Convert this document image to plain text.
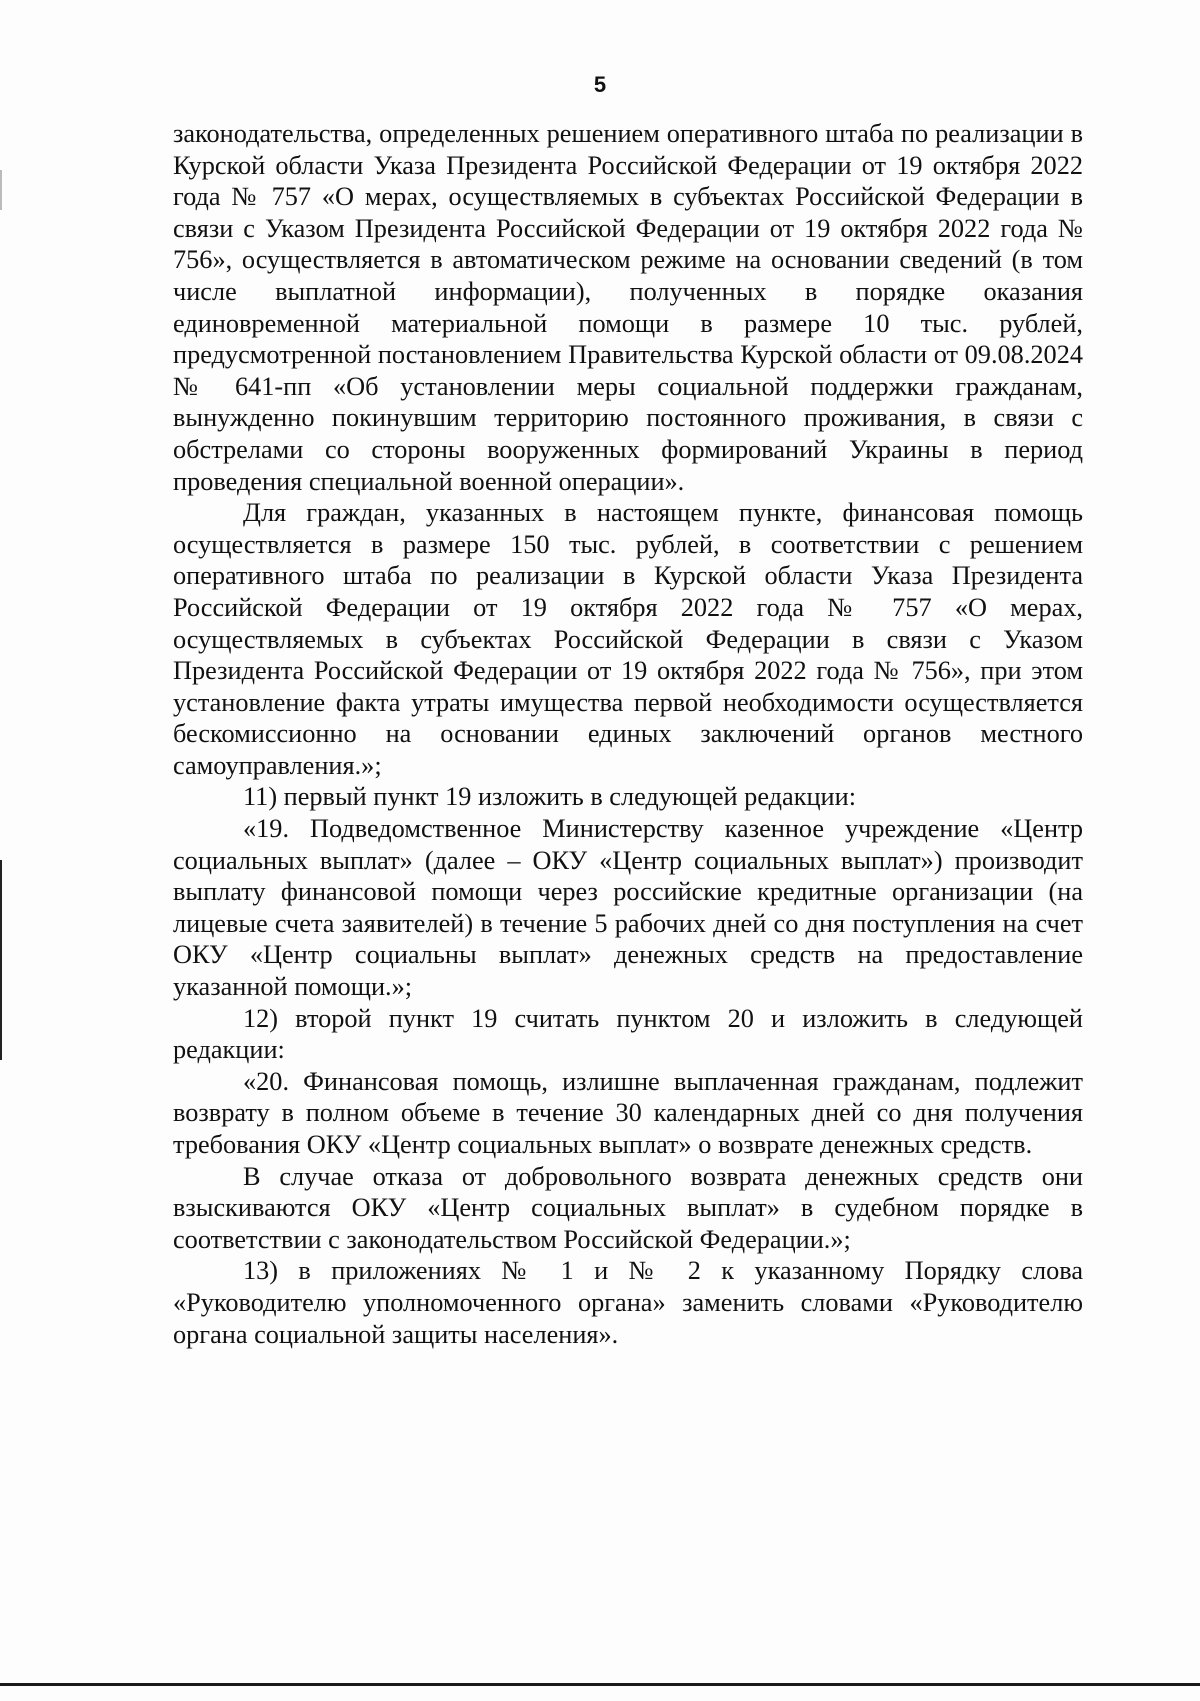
5

законодательства, определенных решением оперативного штаба по реализации в Курской области Указа Президента Российской Федерации от 19 октября 2022 года № 757 «О мерах, осуществляемых в субъектах Российской Федерации в связи с Указом Президента Российской Федерации от 19 октября 2022 года № 756», осуществляется в автоматическом режиме на основании сведений (в том числе выплатной информации), полученных в порядке оказания единовременной материальной помощи в размере 10 тыс. рублей, предусмотренной постановлением Правительства Курской области от 09.08.2024 № 641-пп «Об установлении меры социальной поддержки гражданам, вынужденно покинувшим территорию постоянного проживания, в связи с обстрелами со стороны вооруженных формирований Украины в период проведения специальной военной операции».

Для граждан, указанных в настоящем пункте, финансовая помощь осуществляется в размере 150 тыс. рублей, в соответствии с решением оперативного штаба по реализации в Курской области Указа Президента Российской Федерации от 19 октября 2022 года № 757 «О мерах, осуществляемых в субъектах Российской Федерации в связи с Указом Президента Российской Федерации от 19 октября 2022 года № 756», при этом установление факта утраты имущества первой необходимости осуществляется бескомиссионно на основании единых заключений органов местного самоуправления.»;

11) первый пункт 19 изложить в следующей редакции:

«19. Подведомственное Министерству казенное учреждение «Центр социальных выплат» (далее – ОКУ «Центр социальных выплат») производит выплату финансовой помощи через российские кредитные организации (на лицевые счета заявителей) в течение 5 рабочих дней со дня поступления на счет ОКУ «Центр социальны выплат» денежных средств на предоставление указанной помощи.»;

12) второй пункт 19 считать пунктом 20 и изложить в следующей редакции:

«20. Финансовая помощь, излишне выплаченная гражданам, подлежит возврату в полном объеме в течение 30 календарных дней со дня получения требования ОКУ «Центр социальных выплат» о возврате денежных средств.

В случае отказа от добровольного возврата денежных средств они взыскиваются ОКУ «Центр социальных выплат» в судебном порядке в соответствии с законодательством Российской Федерации.»;

13) в приложениях № 1 и № 2 к указанному Порядку слова «Руководителю уполномоченного органа» заменить словами «Руководителю органа социальной защиты населения».
